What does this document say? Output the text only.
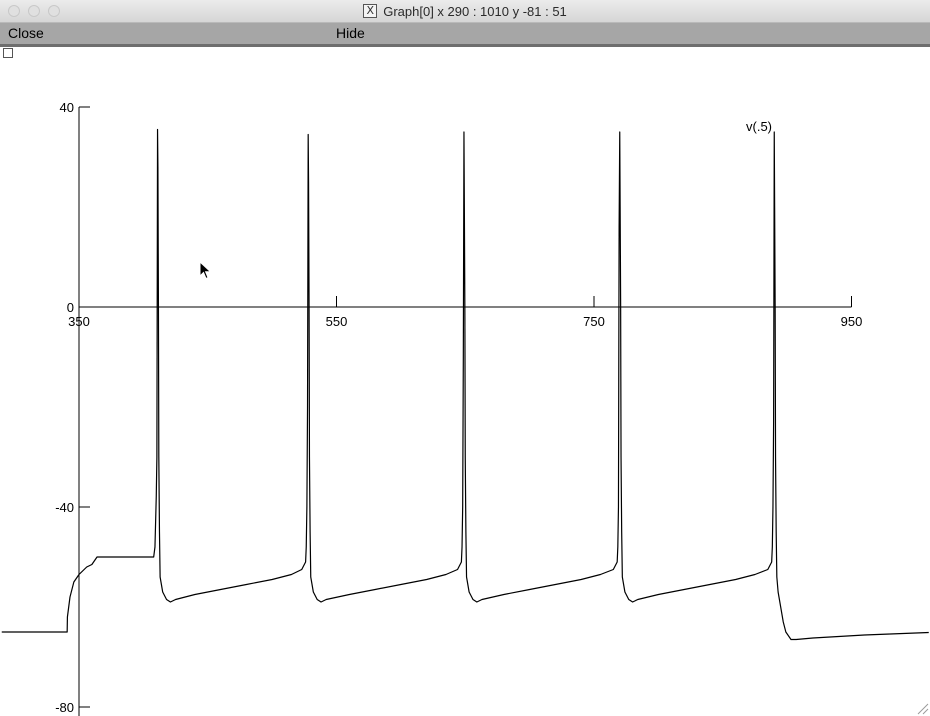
X Graph[0] x 290 : 1010 y -81 : 51
Close	Hide
40
0
-40
-80
350	550	750	950
v(.5)
